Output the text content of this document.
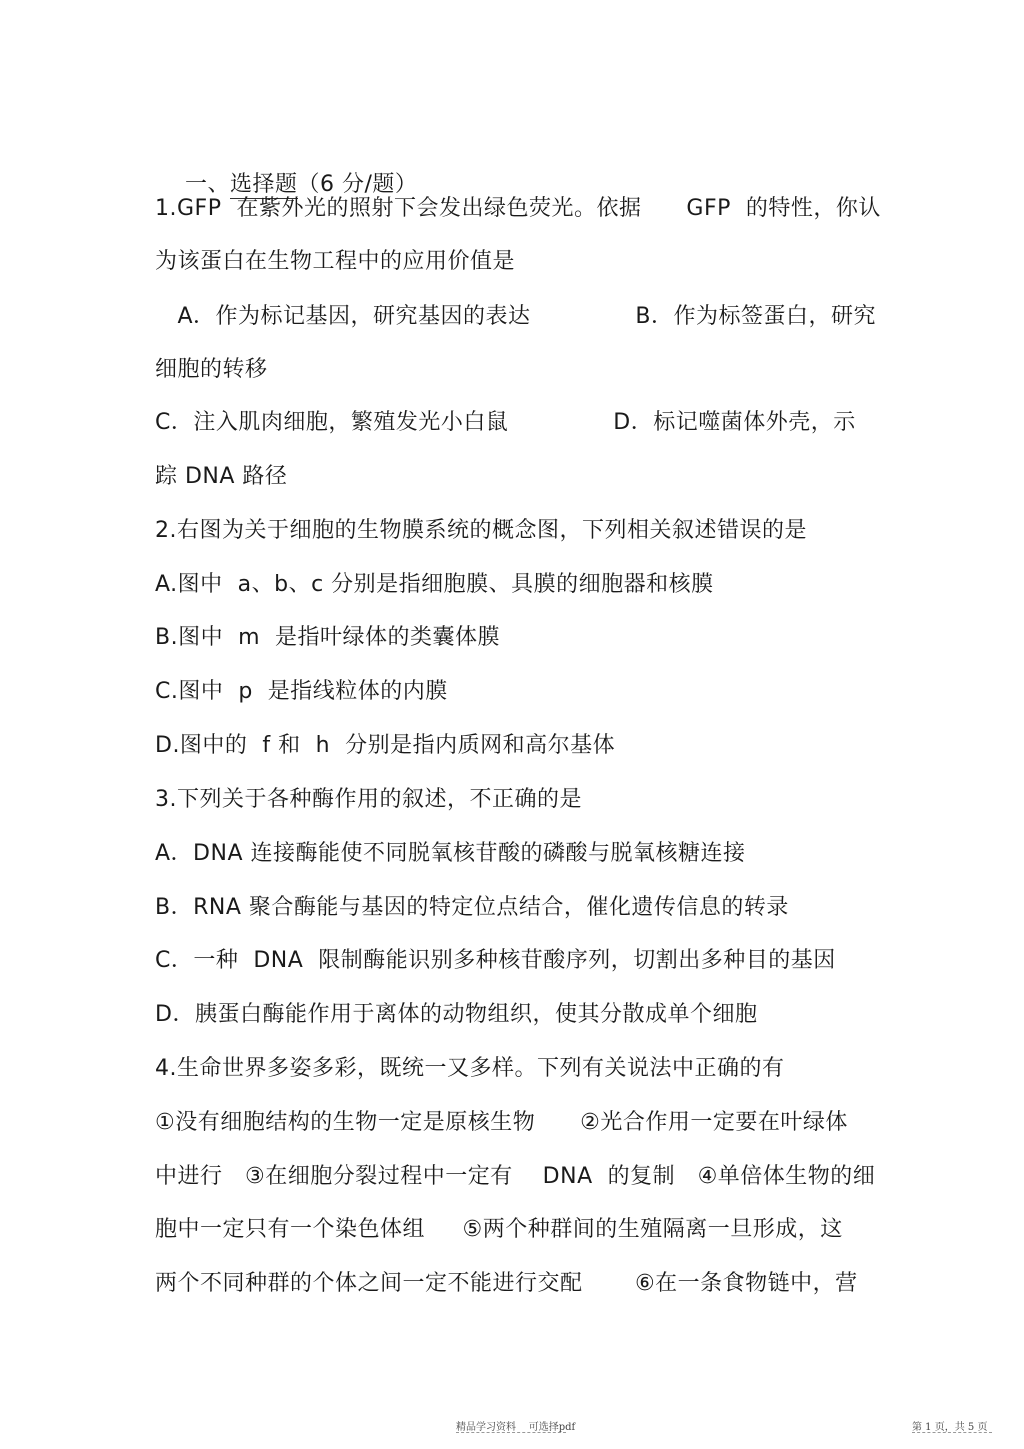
一、选择题（6 分/题）

1.GFP  在紫外光的照射下会发出绿色荧光。依据      GFP  的特性，你认
为该蛋白在生物工程中的应用价值是
A．作为标记基因，研究基因的表达              B．作为标签蛋白，研究
细胞的转移
C．注入肌肉细胞，繁殖发光小白鼠              D．标记噬菌体外壳，示
踪 DNA 路径
2.右图为关于细胞的生物膜系统的概念图，下列相关叙述错误的是
A.图中  a、b、c 分别是指细胞膜、具膜的细胞器和核膜
B.图中  m  是指叶绿体的类囊体膜
C.图中  p  是指线粒体的内膜
D.图中的  f 和  h  分别是指内质网和高尔基体
3.下列关于各种酶作用的叙述，不正确的是
A．DNA 连接酶能使不同脱氧核苷酸的磷酸与脱氧核糖连接
B．RNA 聚合酶能与基因的特定位点结合，催化遗传信息的转录
C．一种  DNA  限制酶能识别多种核苷酸序列，切割出多种目的基因
D．胰蛋白酶能作用于离体的动物组织，使其分散成单个细胞
4.生命世界多姿多彩，既统一又多样。下列有关说法中正确的有
①没有细胞结构的生物一定是原核生物      ②光合作用一定要在叶绿体
中进行   ③在细胞分裂过程中一定有    DNA  的复制   ④单倍体生物的细
胞中一定只有一个染色体组     ⑤两个种群间的生殖隔离一旦形成，这
两个不同种群的个体之间一定不能进行交配       ⑥在一条食物链中，营
精品学习资料    可选择pdf	第 1 页，共 5 页
